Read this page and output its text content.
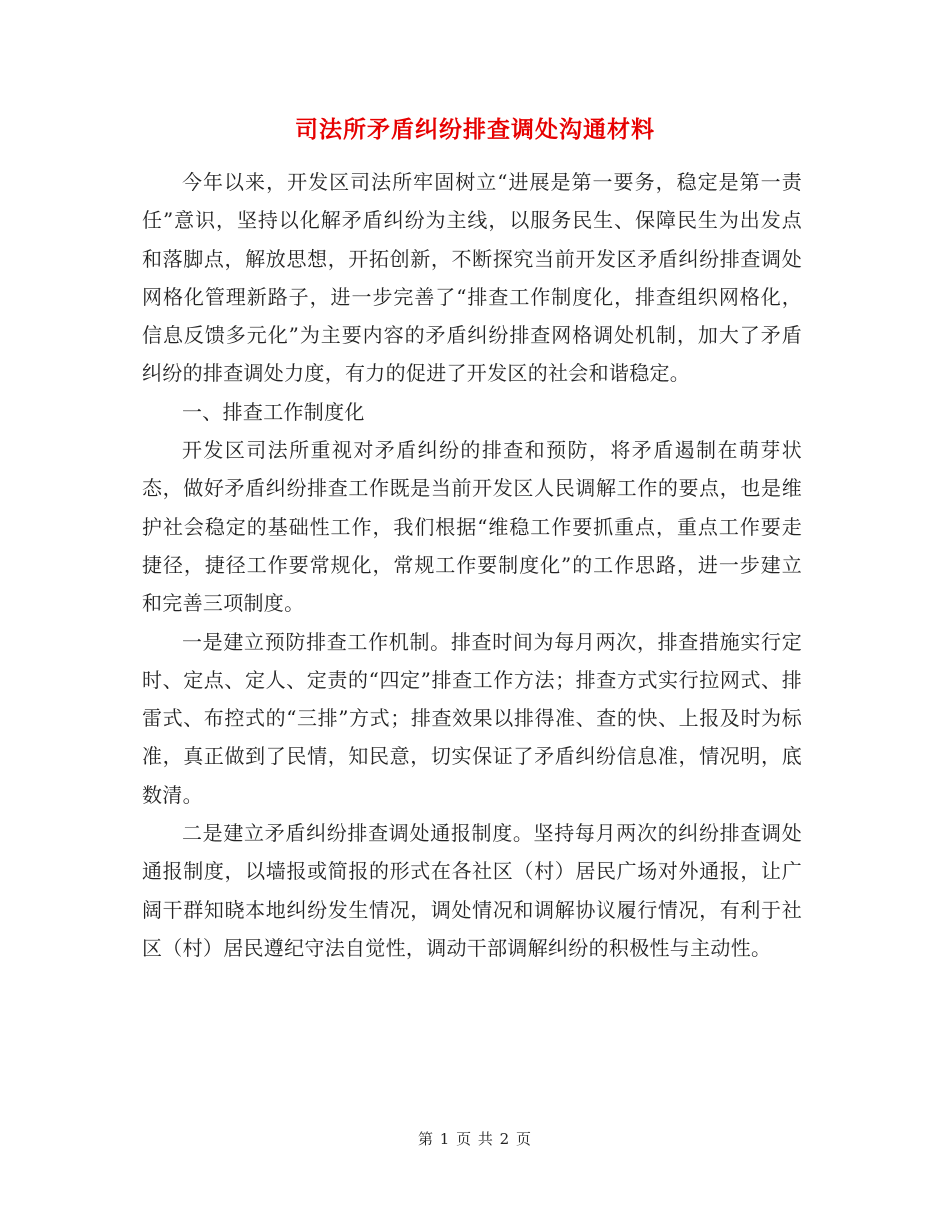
司法所矛盾纠纷排查调处沟通材料

今年以来，开发区司法所牢固树立“进展是第一要务，稳定是第一责任”意识，坚持以化解矛盾纠纷为主线，以服务民生、保障民生为出发点和落脚点，解放思想，开拓创新，不断探究当前开发区矛盾纠纷排查调处网格化管理新路子，进一步完善了“排查工作制度化，排查组织网格化，信息反馈多元化”为主要内容的矛盾纠纷排查网格调处机制，加大了矛盾纠纷的排查调处力度，有力的促进了开发区的社会和谐稳定。

一、排查工作制度化

开发区司法所重视对矛盾纠纷的排查和预防，将矛盾遏制在萌芽状态，做好矛盾纠纷排查工作既是当前开发区人民调解工作的要点，也是维护社会稳定的基础性工作，我们根据“维稳工作要抓重点，重点工作要走捷径，捷径工作要常规化，常规工作要制度化”的工作思路，进一步建立和完善三项制度。

一是建立预防排查工作机制。排查时间为每月两次，排查措施实行定时、定点、定人、定责的“四定”排查工作方法；排查方式实行拉网式、排雷式、布控式的“三排”方式；排查效果以排得准、查的快、上报及时为标准，真正做到了民情，知民意，切实保证了矛盾纠纷信息准，情况明，底数清。

二是建立矛盾纠纷排查调处通报制度。坚持每月两次的纠纷排查调处通报制度，以墙报或简报的形式在各社区（村）居民广场对外通报，让广阔干群知晓本地纠纷发生情况，调处情况和调解协议履行情况，有利于社区（村）居民遵纪守法自觉性，调动干部调解纠纷的积极性与主动性。

第 1 页 共 2 页
